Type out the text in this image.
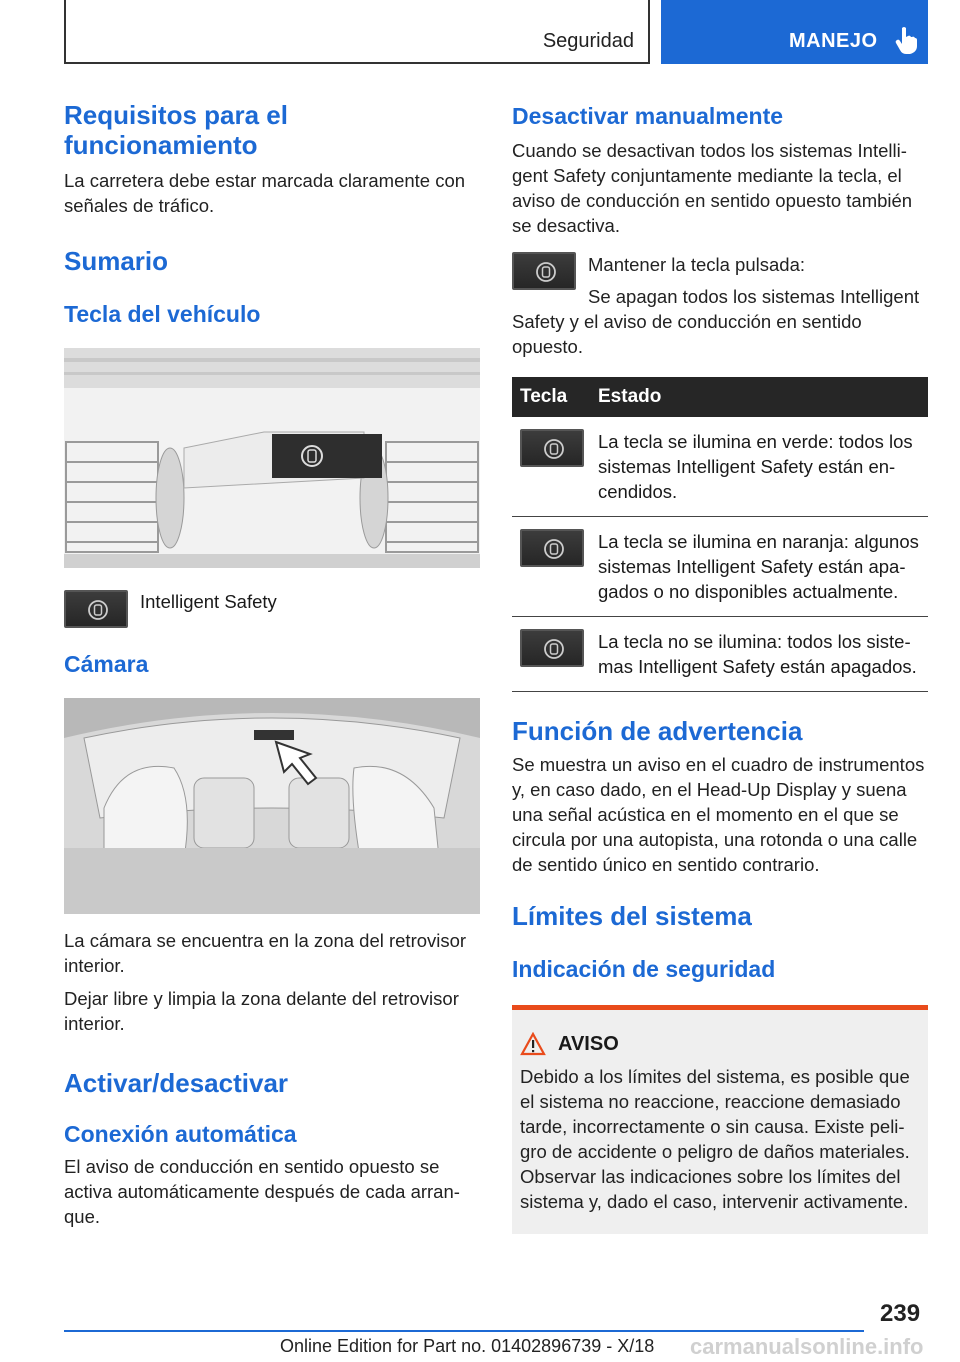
Seguridad	MANEJO
Requisitos para el funcionamiento

La carretera debe estar marcada claramente con señales de tráfico.

Sumario
Tecla del vehículo
Intelligent Safety
Cámara

La cámara se encuentra en la zona del retrovisor interior.

Dejar libre y limpia la zona delante del retrovisor interior.

Activar/desactivar
Conexión automática

El aviso de conducción en sentido opuesto se activa automáticamente después de cada arranque.

Desactivar manualmente

Cuando se desactivan todos los sistemas Intelligent Safety conjuntamente mediante la tecla, el aviso de conducción en sentido opuesto también se desactiva.

Mantener la tecla pulsada:

Se apagan todos los sistemas Intelligent Safety y el aviso de conducción en sentido opuesto.

Tecla	Estado

	La tecla se ilumina en verde: todos los sistemas Intelligent Safety están encendidos.

	La tecla se ilumina en naranja: algunos sistemas Intelligent Safety están apagados o no disponibles actualmente.

	La tecla no se ilumina: todos los sistemas Intelligent Safety están apagados.
Función de advertencia

Se muestra un aviso en el cuadro de instrumentos y, en caso dado, en el Head-Up Display y suena una señal acústica en el momento en el que se circula por una autopista, una rotonda o una calle de sentido único en sentido contrario.

Límites del sistema
Indicación de seguridad
AVISO

Debido a los límites del sistema, es posible que el sistema no reaccione, reaccione demasiado tarde, incorrectamente o sin causa. Existe peligro de accidente o peligro de daños materiales. Observar las indicaciones sobre los límites del sistema y, dado el caso, intervenir activamente.

239
carmanualsonline.info
Online Edition for Part no. 01402896739 - X/18
